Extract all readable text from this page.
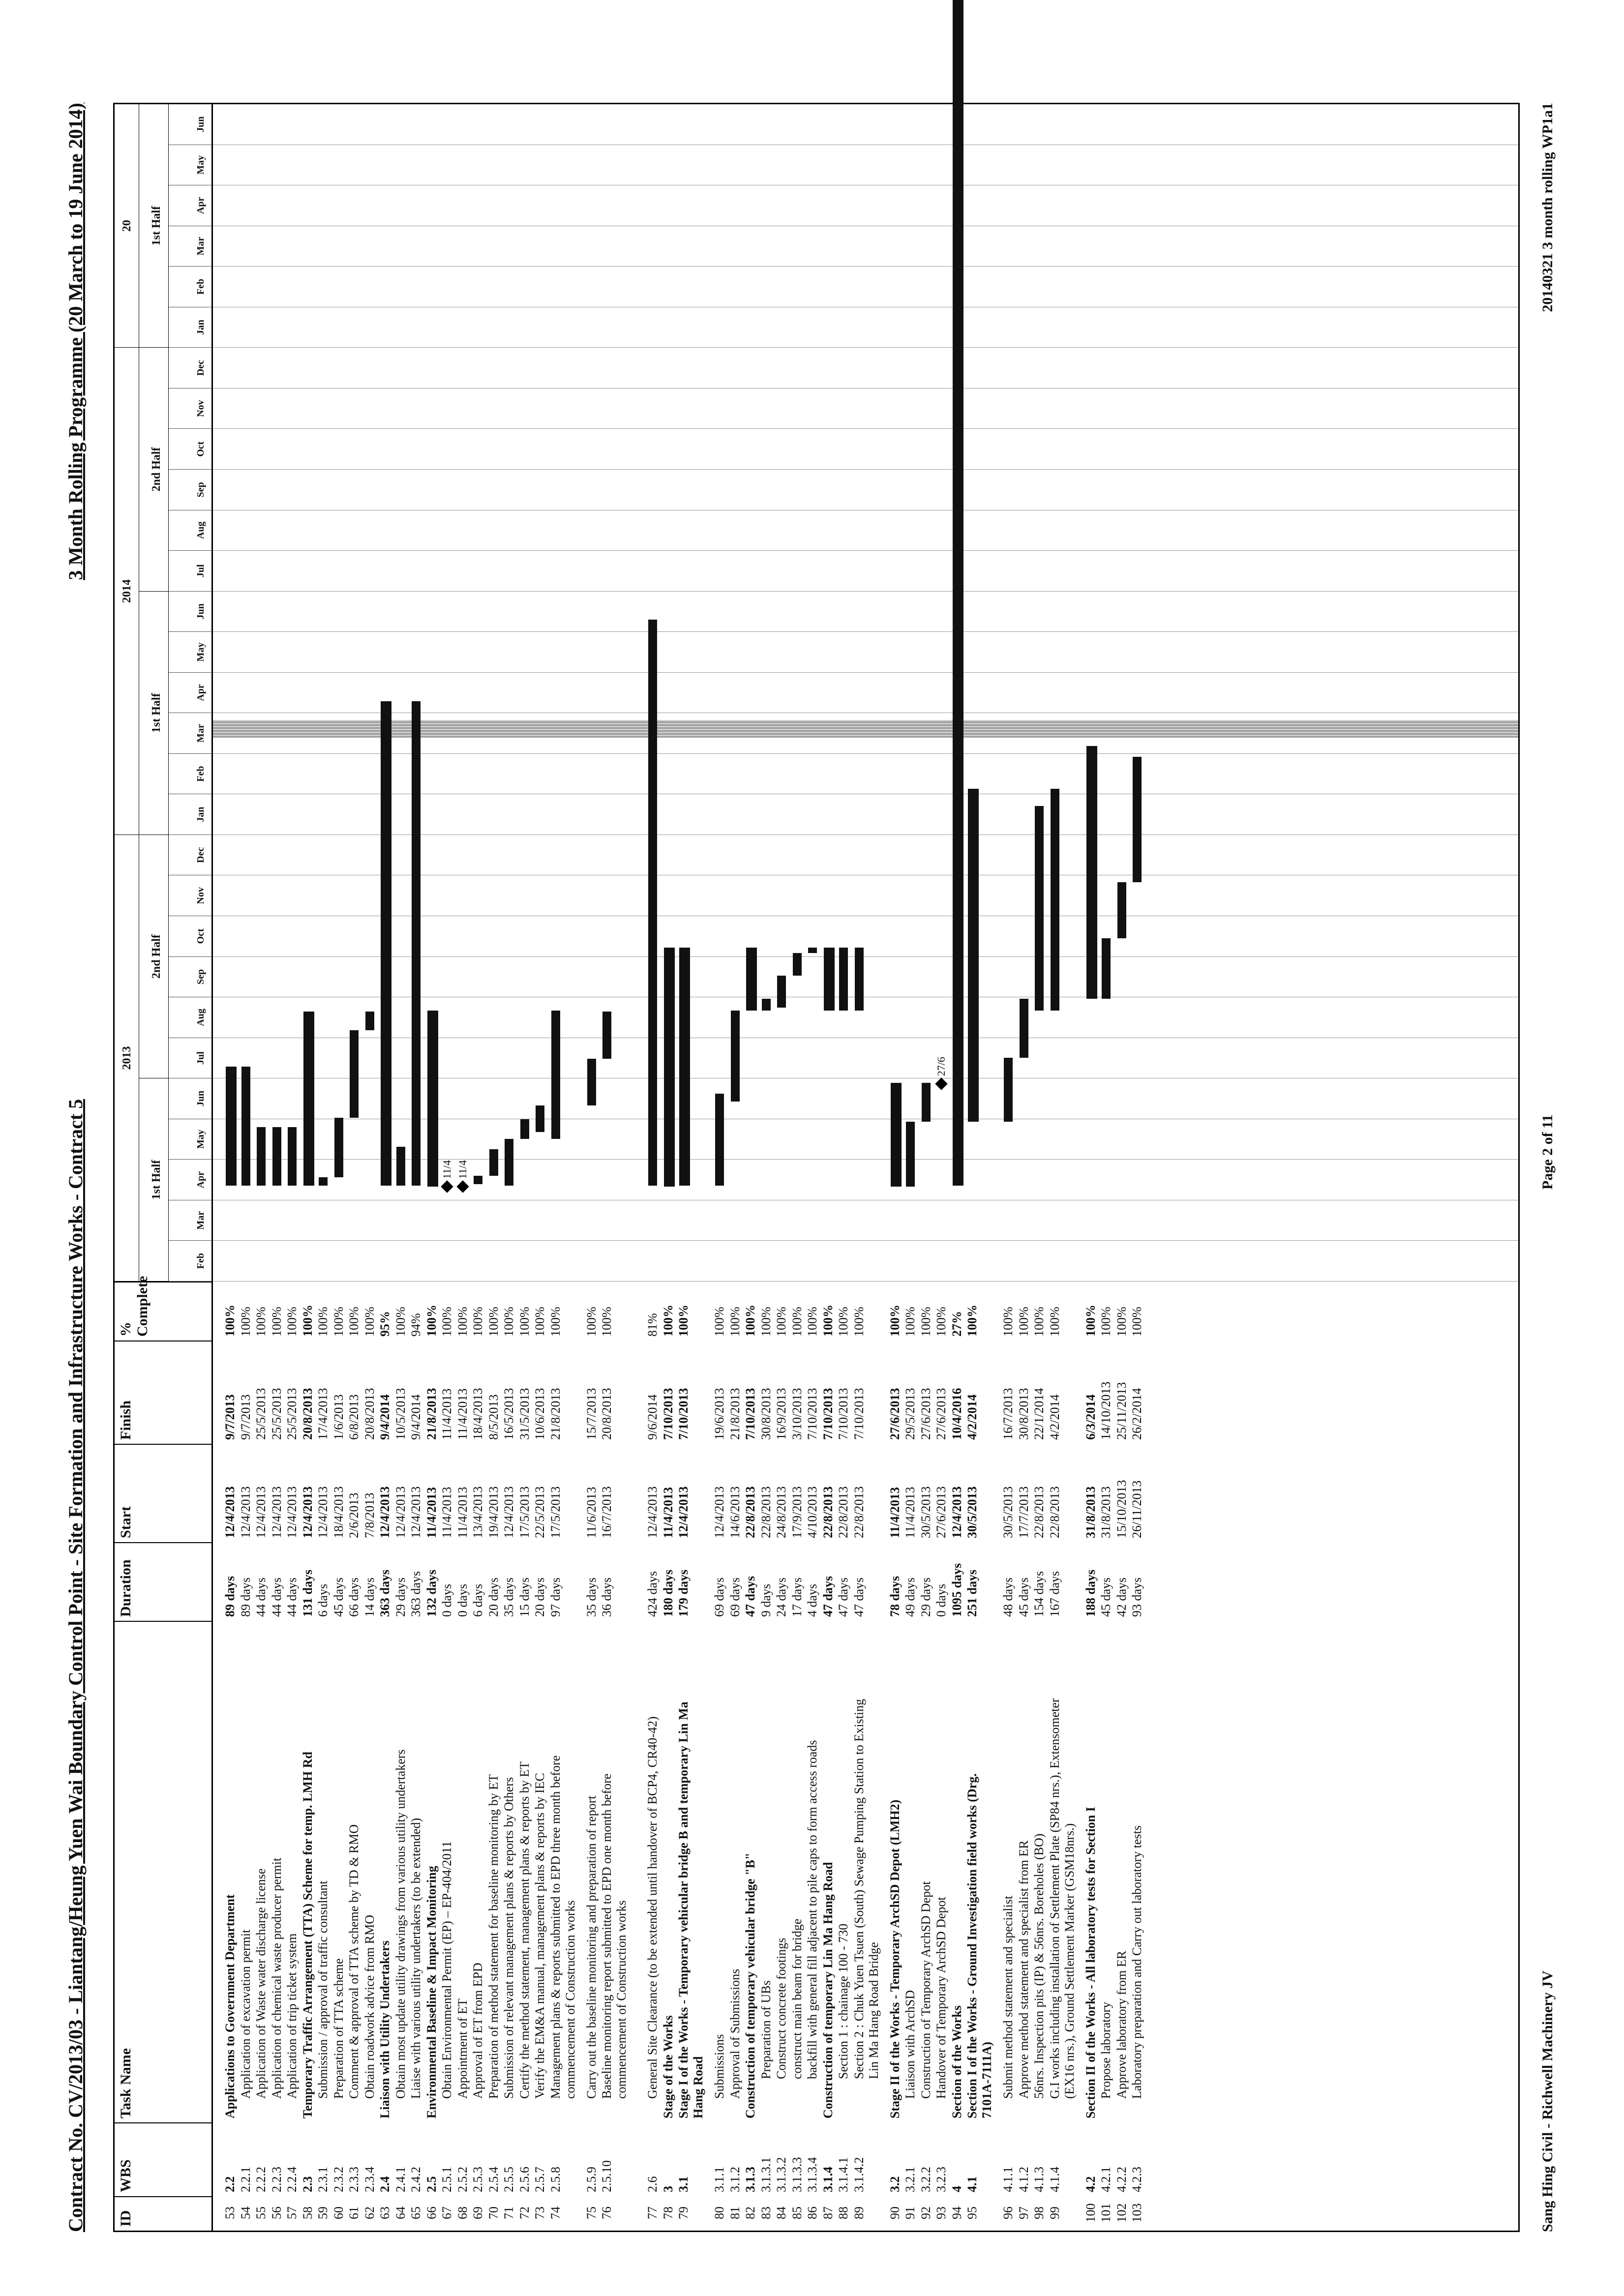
Contract No. CV/2013/03 - Liantang/Heung Yuen Wai Boundary Control Point - Site Formation and Infrastructure Works - Contract 5
3 Month Rolling Programme (20 March to 19 June 2014)
ID
WBS
Task Name
Duration
Start
Finish
% Complete
2013
2014
20
1st Half
2nd Half
1st Half
2nd Half
1st Half
Feb
Mar
Apr
May
Jun
Jul
Aug
Sep
Oct
Nov
Dec
Jan
Feb
Mar
Apr
May
Jun
Jul
Aug
Sep
Oct
Nov
Dec
Jan
Feb
Mar
Apr
May
Jun
53
2.2
Applications to Government Department
89 days
12/4/2013
9/7/2013
100%
54
2.2.1
Application of excavation permit
89 days
12/4/2013
9/7/2013
100%
55
2.2.2
Application of Waste water discharge license
44 days
12/4/2013
25/5/2013
100%
56
2.2.3
Application of chemical waste producer permit
44 days
12/4/2013
25/5/2013
100%
57
2.2.4
Application of trip ticket system
44 days
12/4/2013
25/5/2013
100%
58
2.3
Temporary Traffic Arrangement (TTA) Scheme for temp. LMH Rd
131 days
12/4/2013
20/8/2013
100%
59
2.3.1
Submission / approval of traffic consultant
6 days
12/4/2013
17/4/2013
100%
60
2.3.2
Preparation of TTA scheme
45 days
18/4/2013
1/6/2013
100%
61
2.3.3
Comment & approval of TTA scheme by TD & RMO
66 days
2/6/2013
6/8/2013
100%
62
2.3.4
Obtain roadwork advice from RMO
14 days
7/8/2013
20/8/2013
100%
63
2.4
Liaison with Utility Undertakers
363 days
12/4/2013
9/4/2014
95%
64
2.4.1
Obtain most update utility drawings from various utility undertakers
29 days
12/4/2013
10/5/2013
100%
65
2.4.2
Liaise with various utility undertakers (to be extended)
363 days
12/4/2013
9/4/2014
94%
66
2.5
Environmental Baseline & Impact Monitoring
132 days
11/4/2013
21/8/2013
100%
67
2.5.1
Obtain Environmental Permit (EP) – EP-404/2011
0 days
11/4/2013
11/4/2013
100%
68
2.5.2
Appointment of ET
0 days
11/4/2013
11/4/2013
100%
69
2.5.3
Approval of ET from EPD
6 days
13/4/2013
18/4/2013
100%
70
2.5.4
Preparation of method statement for baseline monitoring by ET
20 days
19/4/2013
8/5/2013
100%
71
2.5.5
Submission of relevant management plans & reports by Others
35 days
12/4/2013
16/5/2013
100%
72
2.5.6
Certify the method statement, management plans & reports by ET
15 days
17/5/2013
31/5/2013
100%
73
2.5.7
Verify the EM&A manual, management plans & reports by IEC
20 days
22/5/2013
10/6/2013
100%
74
2.5.8
Management plans & reports submitted to EPD three month before commencement of Construction works
97 days
17/5/2013
21/8/2013
100%
75
2.5.9
Carry out the baseline monitoring and preparation of report
35 days
11/6/2013
15/7/2013
100%
76
2.5.10
Baseline monitoring report submitted to EPD one month before commencement of Construction works
36 days
16/7/2013
20/8/2013
100%
77
2.6
General Site Clearance (to be extended until handover of BCP4, CR40-42)
424 days
12/4/2013
9/6/2014
81%
78
3
Stage of the Works
180 days
11/4/2013
7/10/2013
100%
79
3.1
Stage I of the Works - Temporary vehicular bridge B and temporary Lin Ma Hang Road
179 days
12/4/2013
7/10/2013
100%
80
3.1.1
Submissions
69 days
12/4/2013
19/6/2013
100%
81
3.1.2
Approval of Submissions
69 days
14/6/2013
21/8/2013
100%
82
3.1.3
Construction of temporary vehicular bridge "B"
47 days
22/8/2013
7/10/2013
100%
83
3.1.3.1
Preparation of UBs
9 days
22/8/2013
30/8/2013
100%
84
3.1.3.2
Construct concrete footings
24 days
24/8/2013
16/9/2013
100%
85
3.1.3.3
construct main beam for bridge
17 days
17/9/2013
3/10/2013
100%
86
3.1.3.4
backfill with general fill adjacent to pile caps to form access roads
4 days
4/10/2013
7/10/2013
100%
87
3.1.4
Construction of temporary Lin Ma Hang Road
47 days
22/8/2013
7/10/2013
100%
88
3.1.4.1
Section 1 : chainage 100 - 730
47 days
22/8/2013
7/10/2013
100%
89
3.1.4.2
Section 2 : Chuk Yuen Tsuen (South) Sewage Pumping Station to Existing Lin Ma Hang Road Bridge
47 days
22/8/2013
7/10/2013
100%
90
3.2
Stage II of the Works - Temporary ArchSD Depot (LMH2)
78 days
11/4/2013
27/6/2013
100%
91
3.2.1
Liaison with ArchSD
49 days
11/4/2013
29/5/2013
100%
92
3.2.2
Construction of Temporary ArchSD Depot
29 days
30/5/2013
27/6/2013
100%
93
3.2.3
Handover of Temporary ArchSD Depot
0 days
27/6/2013
27/6/2013
100%
94
4
Section of the Works
1095 days
12/4/2013
10/4/2016
27%
95
4.1
Section I of the Works - Ground Investigation field works (Drg. 7101A-7111A)
251 days
30/5/2013
4/2/2014
100%
96
4.1.1
Submit method statement and specialist
48 days
30/5/2013
16/7/2013
100%
97
4.1.2
Approve method statement and specialist from ER
45 days
17/7/2013
30/8/2013
100%
98
4.1.3
56nrs. Inspection pits (IP) & 56nrs. Boreholes (BO)
154 days
22/8/2013
22/1/2014
100%
99
4.1.4
G.I works including installation of Settlement Plate (SP84 nrs.), Extensometer (EX16 nrs.), Ground Settlement Marker (GSM18nrs.)
167 days
22/8/2013
4/2/2014
100%
100
4.2
Section II of the Works - All laboratory tests for Section I
188 days
31/8/2013
6/3/2014
100%
101
4.2.1
Propose laboratory
45 days
31/8/2013
14/10/2013
100%
102
4.2.2
Approve laboratory from ER
42 days
15/10/2013
25/11/2013
100%
103
4.2.3
Laboratory preparation and Carry out laboratory tests
93 days
26/11/2013
26/2/2014
100%
11/4 11/4
27/6
Sang Hing Civil - Richwell Machinery JV
Page 2 of 11
20140321 3 month rolling WP1a1
